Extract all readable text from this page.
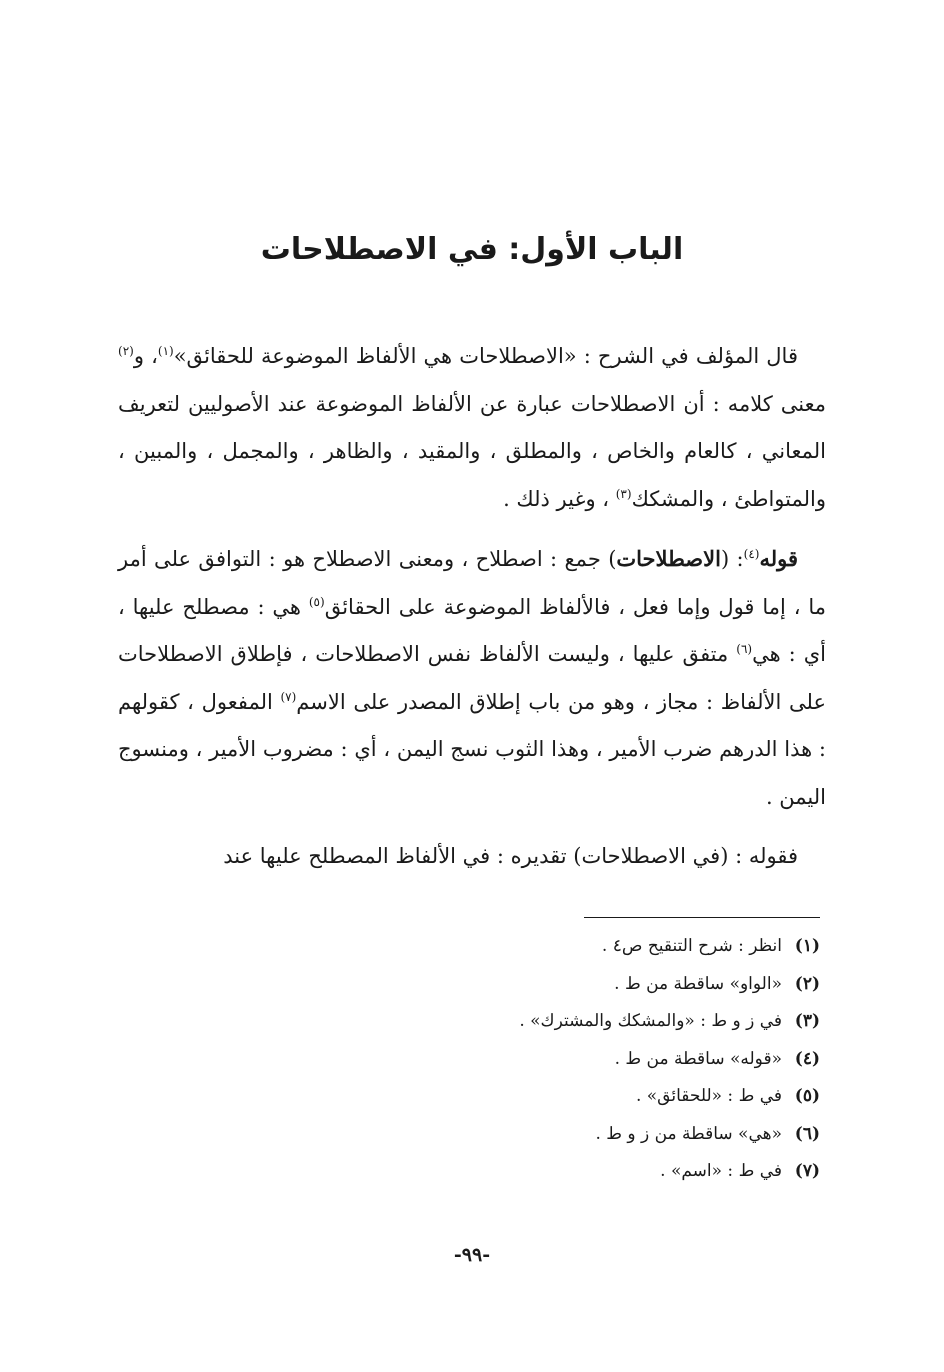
الباب الأول: في الاصطلاحات

قال المؤلف في الشرح : «الاصطلاحات هي الألفاظ الموضوعة للحقائق»$^{(١)}$، و$^{(٢)}$ معنى كلامه : أن الاصطلاحات عبارة عن الألفاظ الموضوعة عند الأصوليين لتعريف المعاني ، كالعام والخاص ، والمطلق ، والمقيد ، والظاهر ، والمجمل ، والمبين ، والمتواطئ ، والمشكك$^{(٣)}$ ، وغير ذلك .

قوله$^{(٤)}$: (الاصطلاحات) جمع : اصطلاح ، ومعنى الاصطلاح هو : التوافق على أمر ما ، إما قول وإما فعل ، فالألفاظ الموضوعة على الحقائق$^{(٥)}$ هي : مصطلح عليها ، أي : هي$^{(٦)}$ متفق عليها ، وليست الألفاظ نفس الاصطلاحات ، فإطلاق الاصطلاحات على الألفاظ : مجاز ، وهو من باب إطلاق المصدر على الاسم$^{(٧)}$ المفعول ، كقولهم : هذا الدرهم ضرب الأمير ، وهذا الثوب نسج اليمن ، أي : مضروب الأمير ، ومنسوج اليمن .

فقوله : (في الاصطلاحات) تقديره : في الألفاظ المصطلح عليها عند

(١)انظر : شرح التنقيح ص٤ .
(٢)«الواو» ساقطة من ط .
(٣)في ز و ط : «والمشكك والمشترك» .
(٤)«قوله» ساقطة من ط .
(٥)في ط : «للحقائق» .
(٦)«هي» ساقطة من ز و ط .
(٧)في ط : «اسم» .
-٩٩-
